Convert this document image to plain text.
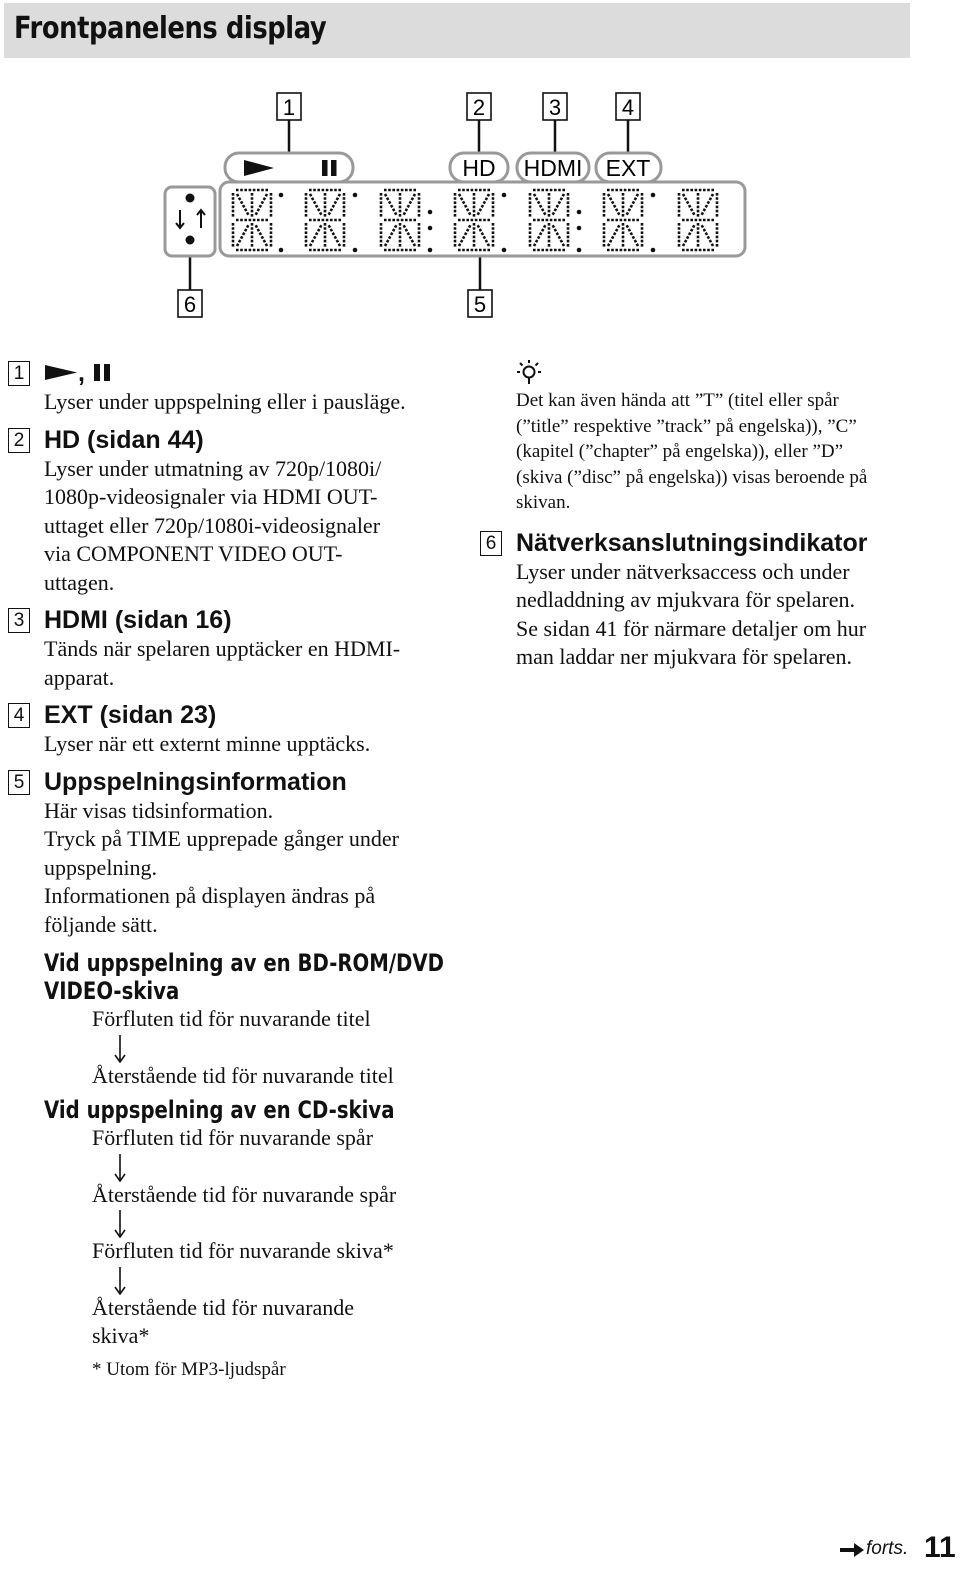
Frontpanelens display
1	2	3	4
6	5
HD HDMI EXT
1	,
Lyser under uppspelning eller i pausläge.
2 HD (sidan 44)
Lyser under utmatning av 720p/1080i/
1080p-videosignaler via HDMI OUT-
uttaget eller 720p/1080i-videosignaler
via COMPONENT VIDEO OUT-
uttagen.
3 HDMI (sidan 16)
Tänds när spelaren upptäcker en HDMI-
apparat.
4 EXT (sidan 23)
Lyser när ett externt minne upptäcks.
5 Uppspelningsinformation
Här visas tidsinformation.
Tryck på TIME upprepade gånger under
uppspelning.
Informationen på displayen ändras på
följande sätt.
Vid uppspelning av en BD-ROM/DVD
VIDEO-skiva
Förfluten tid för nuvarande titel
Återstående tid för nuvarande titel
Vid uppspelning av en CD-skiva
Förfluten tid för nuvarande spår
Återstående tid för nuvarande spår
Förfluten tid för nuvarande skiva*
Återstående tid för nuvarande
skiva*
* Utom för MP3-ljudspår
Det kan även hända att ”T” (titel eller spår
(”title” respektive ”track” på engelska)), ”C”
(kapitel (”chapter” på engelska)), eller ”D”
(skiva (”disc” på engelska)) visas beroende på
skivan.
6 Nätverksanslutningsindikator
Lyser under nätverksaccess och under
nedladdning av mjukvara för spelaren.
Se sidan 41 för närmare detaljer om hur
man laddar ner mjukvara för spelaren.
forts. 11
